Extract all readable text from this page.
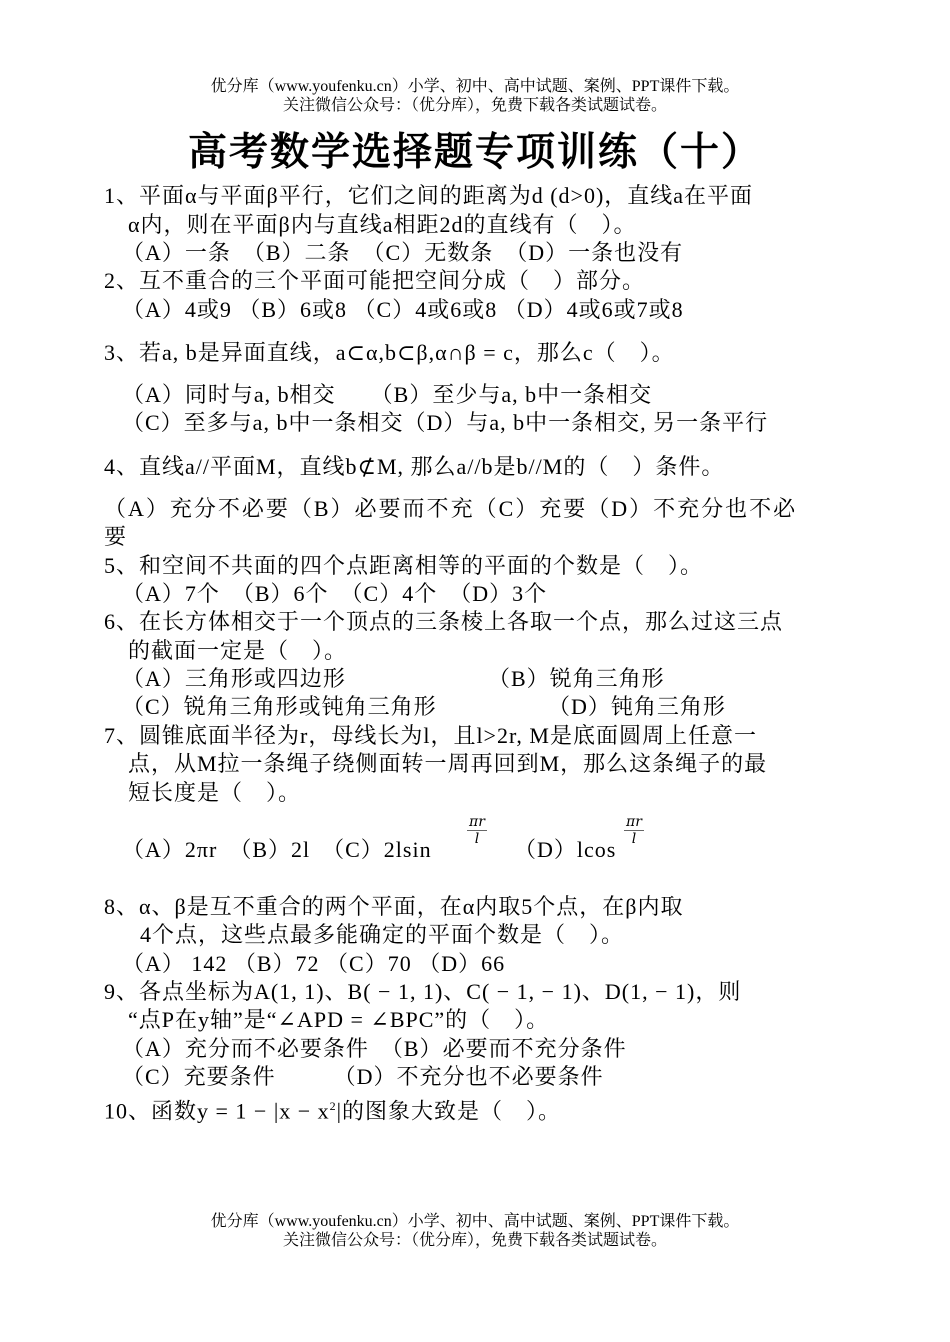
优分库（www.youfenku.cn）小学、初中、高中试题、案例、PPT课件下载。
关注微信公众号：（优分库），免费下载各类试题试卷。
高考数学选择题专项训练（十）
1、平面α与平面β平行，它们之间的距离为d (d>0)，直线a在平面
α内，则在平面β内与直线a相距2d的直线有（　）。
（A）一条　（B）二条　（C）无数条　（D）一条也没有
2、互不重合的三个平面可能把空间分成（　）部分。
（A）4或9 （B）6或8 （C）4或6或8 （D）4或6或7或8
3、若a, b是异面直线，a⊂α,b⊂β,α∩β = c，那么c（　）。
（A）同时与a, b相交　　（B）至少与a, b中一条相交
（C）至多与a, b中一条相交（D）与a, b中一条相交, 另一条平行
4、直线a//平面M，直线b⊄M, 那么a//b是b//M的（　）条件。
（A）充分不必要（B）必要而不充（C）充要（D）不充分也不必
要
5、和空间不共面的四个点距离相等的平面的个数是（　）。
（A）7个　（B）6个　（C）4个　（D）3个
6、在长方体相交于一个顶点的三条棱上各取一个点，那么过这三点
的截面一定是（　）。
（A）三角形或四边形	（B）锐角三角形
（C）锐角三角形或钝角三角形	（D）钝角三角形
7、圆锥底面半径为r，母线长为l，且l>2r, M是底面圆周上任意一
点，从M拉一条绳子绕侧面转一周再回到M，那么这条绳子的最
短长度是（　）。
（A）2πr　（B）2l　（C）2lsin
$\frac{\pi r}{l}$
（D）lcos
$\frac{\pi r}{l}$
8、α、β是互不重合的两个平面，在α内取5个点，在β内取
4个点，这些点最多能确定的平面个数是（　）。
（A） 142 （B）72 （C）70 （D）66
9、各点坐标为A(1, 1)、B( − 1, 1)、C( − 1, − 1)、D(1, − 1)，则
“点P在y轴”是“∠APD = ∠BPC”的（　）。
（A）充分而不必要条件　（B）必要而不充分条件
（C）充要条件　　　（D）不充分也不必要条件
10、函数$y = 1 - |x - x^2|$的图象大致是（　）。
优分库（www.youfenku.cn）小学、初中、高中试题、案例、PPT课件下载。
关注微信公众号：（优分库），免费下载各类试题试卷。
